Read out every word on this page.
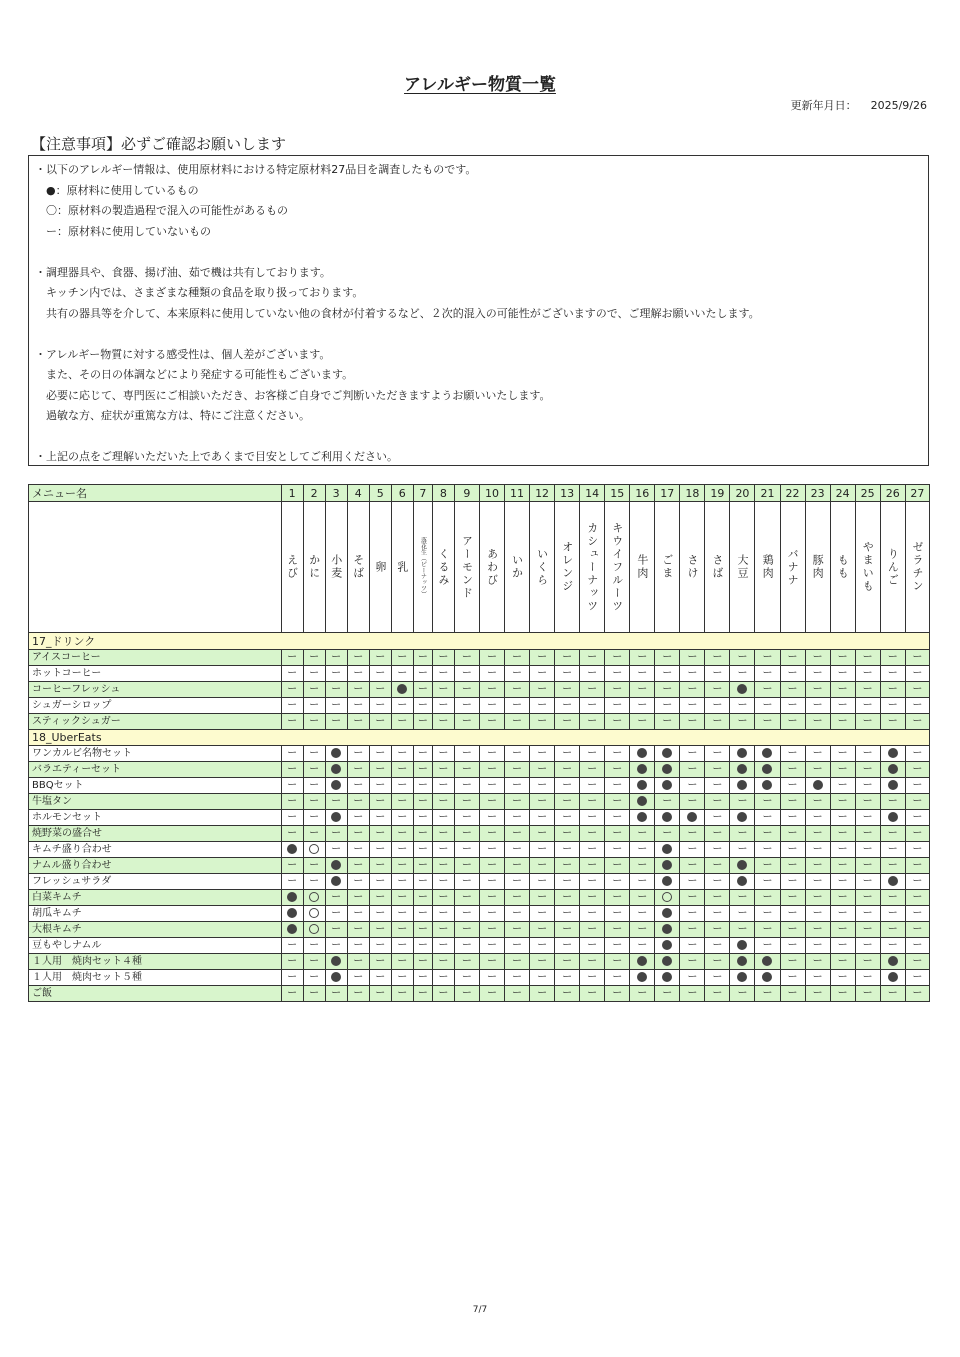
アレルギー物質一覧
更新年月日： 2025/9/26
【注意事項】必ずご確認お願いします
・以下のアレルギー情報は、使用原材料における特定原材料27品目を調査したものです。
　●：原材料に使用しているもの
　〇：原材料の製造過程で混入の可能性があるもの
　ー：原材料に使用していないもの
・調理器具や、食器、揚げ油、茹で機は共有しております。
　キッチン内では、さまざまな種類の食品を取り扱っております。
　共有の器具等を介して、本来原料に使用していない他の食材が付着するなど、２次的混入の可能性がございますので、ご理解お願いいたします。
・アレルギー物質に対する感受性は、個人差がございます。
　また、その日の体調などにより発症する可能性もございます。
　必要に応じて、専門医にご相談いただき、お客様ご自身でご判断いただきますようお願いいたします。
　過敏な方、症状が重篤な方は、特にご注意ください。
・上記の点をご理解いただいた上であくまで目安としてご利用ください。
メニュー名	1	2	3	4	5	6	7	8	9	10	11	12	13	14	15	16	17	18	19	20	21	22	23	24	25	26	27

	えび	かに	小麦	そば	卵	乳	落花生（ピーナッツ）	くるみ	アーモンド	あわび	いか	いくら	オレンジ	カシューナッツ	キウイフルーツ	牛肉	ごま	さけ	さば	大豆	鶏肉	バナナ	豚肉	もも	やまいも	りんご	ゼラチン

17_ドリンク																											
アイスコーヒー	ー	ー	ー	ー	ー	ー	ー	ー	ー	ー	ー	ー	ー	ー	ー	ー	ー	ー	ー	ー	ー	ー	ー	ー	ー	ー	ー
ホットコーヒー	ー	ー	ー	ー	ー	ー	ー	ー	ー	ー	ー	ー	ー	ー	ー	ー	ー	ー	ー	ー	ー	ー	ー	ー	ー	ー	ー
コーヒーフレッシュ	ー	ー	ー	ー	ー		ー	ー	ー	ー	ー	ー	ー	ー	ー	ー	ー	ー	ー		ー	ー	ー	ー	ー	ー	ー
シュガーシロップ	ー	ー	ー	ー	ー	ー	ー	ー	ー	ー	ー	ー	ー	ー	ー	ー	ー	ー	ー	ー	ー	ー	ー	ー	ー	ー	ー
スティックシュガー	ー	ー	ー	ー	ー	ー	ー	ー	ー	ー	ー	ー	ー	ー	ー	ー	ー	ー	ー	ー	ー	ー	ー	ー	ー	ー	ー
18_UberEats																											
ワンカルビ名物セット	ー	ー		ー	ー	ー	ー	ー	ー	ー	ー	ー	ー	ー	ー			ー	ー			ー	ー	ー	ー		ー
バラエティーセット	ー	ー		ー	ー	ー	ー	ー	ー	ー	ー	ー	ー	ー	ー			ー	ー			ー	ー	ー	ー		ー
BBQセット	ー	ー		ー	ー	ー	ー	ー	ー	ー	ー	ー	ー	ー	ー			ー	ー			ー		ー	ー		ー
牛塩タン	ー	ー	ー	ー	ー	ー	ー	ー	ー	ー	ー	ー	ー	ー	ー		ー	ー	ー	ー	ー	ー	ー	ー	ー	ー	ー
ホルモンセット	ー	ー		ー	ー	ー	ー	ー	ー	ー	ー	ー	ー	ー	ー				ー		ー	ー	ー	ー	ー		ー
焼野菜の盛合せ	ー	ー	ー	ー	ー	ー	ー	ー	ー	ー	ー	ー	ー	ー	ー	ー	ー	ー	ー	ー	ー	ー	ー	ー	ー	ー	ー
キムチ盛り合わせ			ー	ー	ー	ー	ー	ー	ー	ー	ー	ー	ー	ー	ー	ー		ー	ー	ー	ー	ー	ー	ー	ー	ー	ー
ナムル盛り合わせ	ー	ー		ー	ー	ー	ー	ー	ー	ー	ー	ー	ー	ー	ー	ー		ー	ー		ー	ー	ー	ー	ー	ー	ー
フレッシュサラダ	ー	ー		ー	ー	ー	ー	ー	ー	ー	ー	ー	ー	ー	ー	ー		ー	ー		ー	ー	ー	ー	ー		ー
白菜キムチ			ー	ー	ー	ー	ー	ー	ー	ー	ー	ー	ー	ー	ー	ー		ー	ー	ー	ー	ー	ー	ー	ー	ー	ー
胡瓜キムチ			ー	ー	ー	ー	ー	ー	ー	ー	ー	ー	ー	ー	ー	ー		ー	ー	ー	ー	ー	ー	ー	ー	ー	ー
大根キムチ			ー	ー	ー	ー	ー	ー	ー	ー	ー	ー	ー	ー	ー	ー		ー	ー	ー	ー	ー	ー	ー	ー	ー	ー
豆もやしナムル	ー	ー	ー	ー	ー	ー	ー	ー	ー	ー	ー	ー	ー	ー	ー	ー		ー	ー		ー	ー	ー	ー	ー	ー	ー
１人用　焼肉セット４種	ー	ー		ー	ー	ー	ー	ー	ー	ー	ー	ー	ー	ー	ー			ー	ー			ー	ー	ー	ー		ー
１人用　焼肉セット５種	ー	ー		ー	ー	ー	ー	ー	ー	ー	ー	ー	ー	ー	ー			ー	ー			ー	ー	ー	ー		ー
ご飯	ー	ー	ー	ー	ー	ー	ー	ー	ー	ー	ー	ー	ー	ー	ー	ー	ー	ー	ー	ー	ー	ー	ー	ー	ー	ー	ー
7/7
